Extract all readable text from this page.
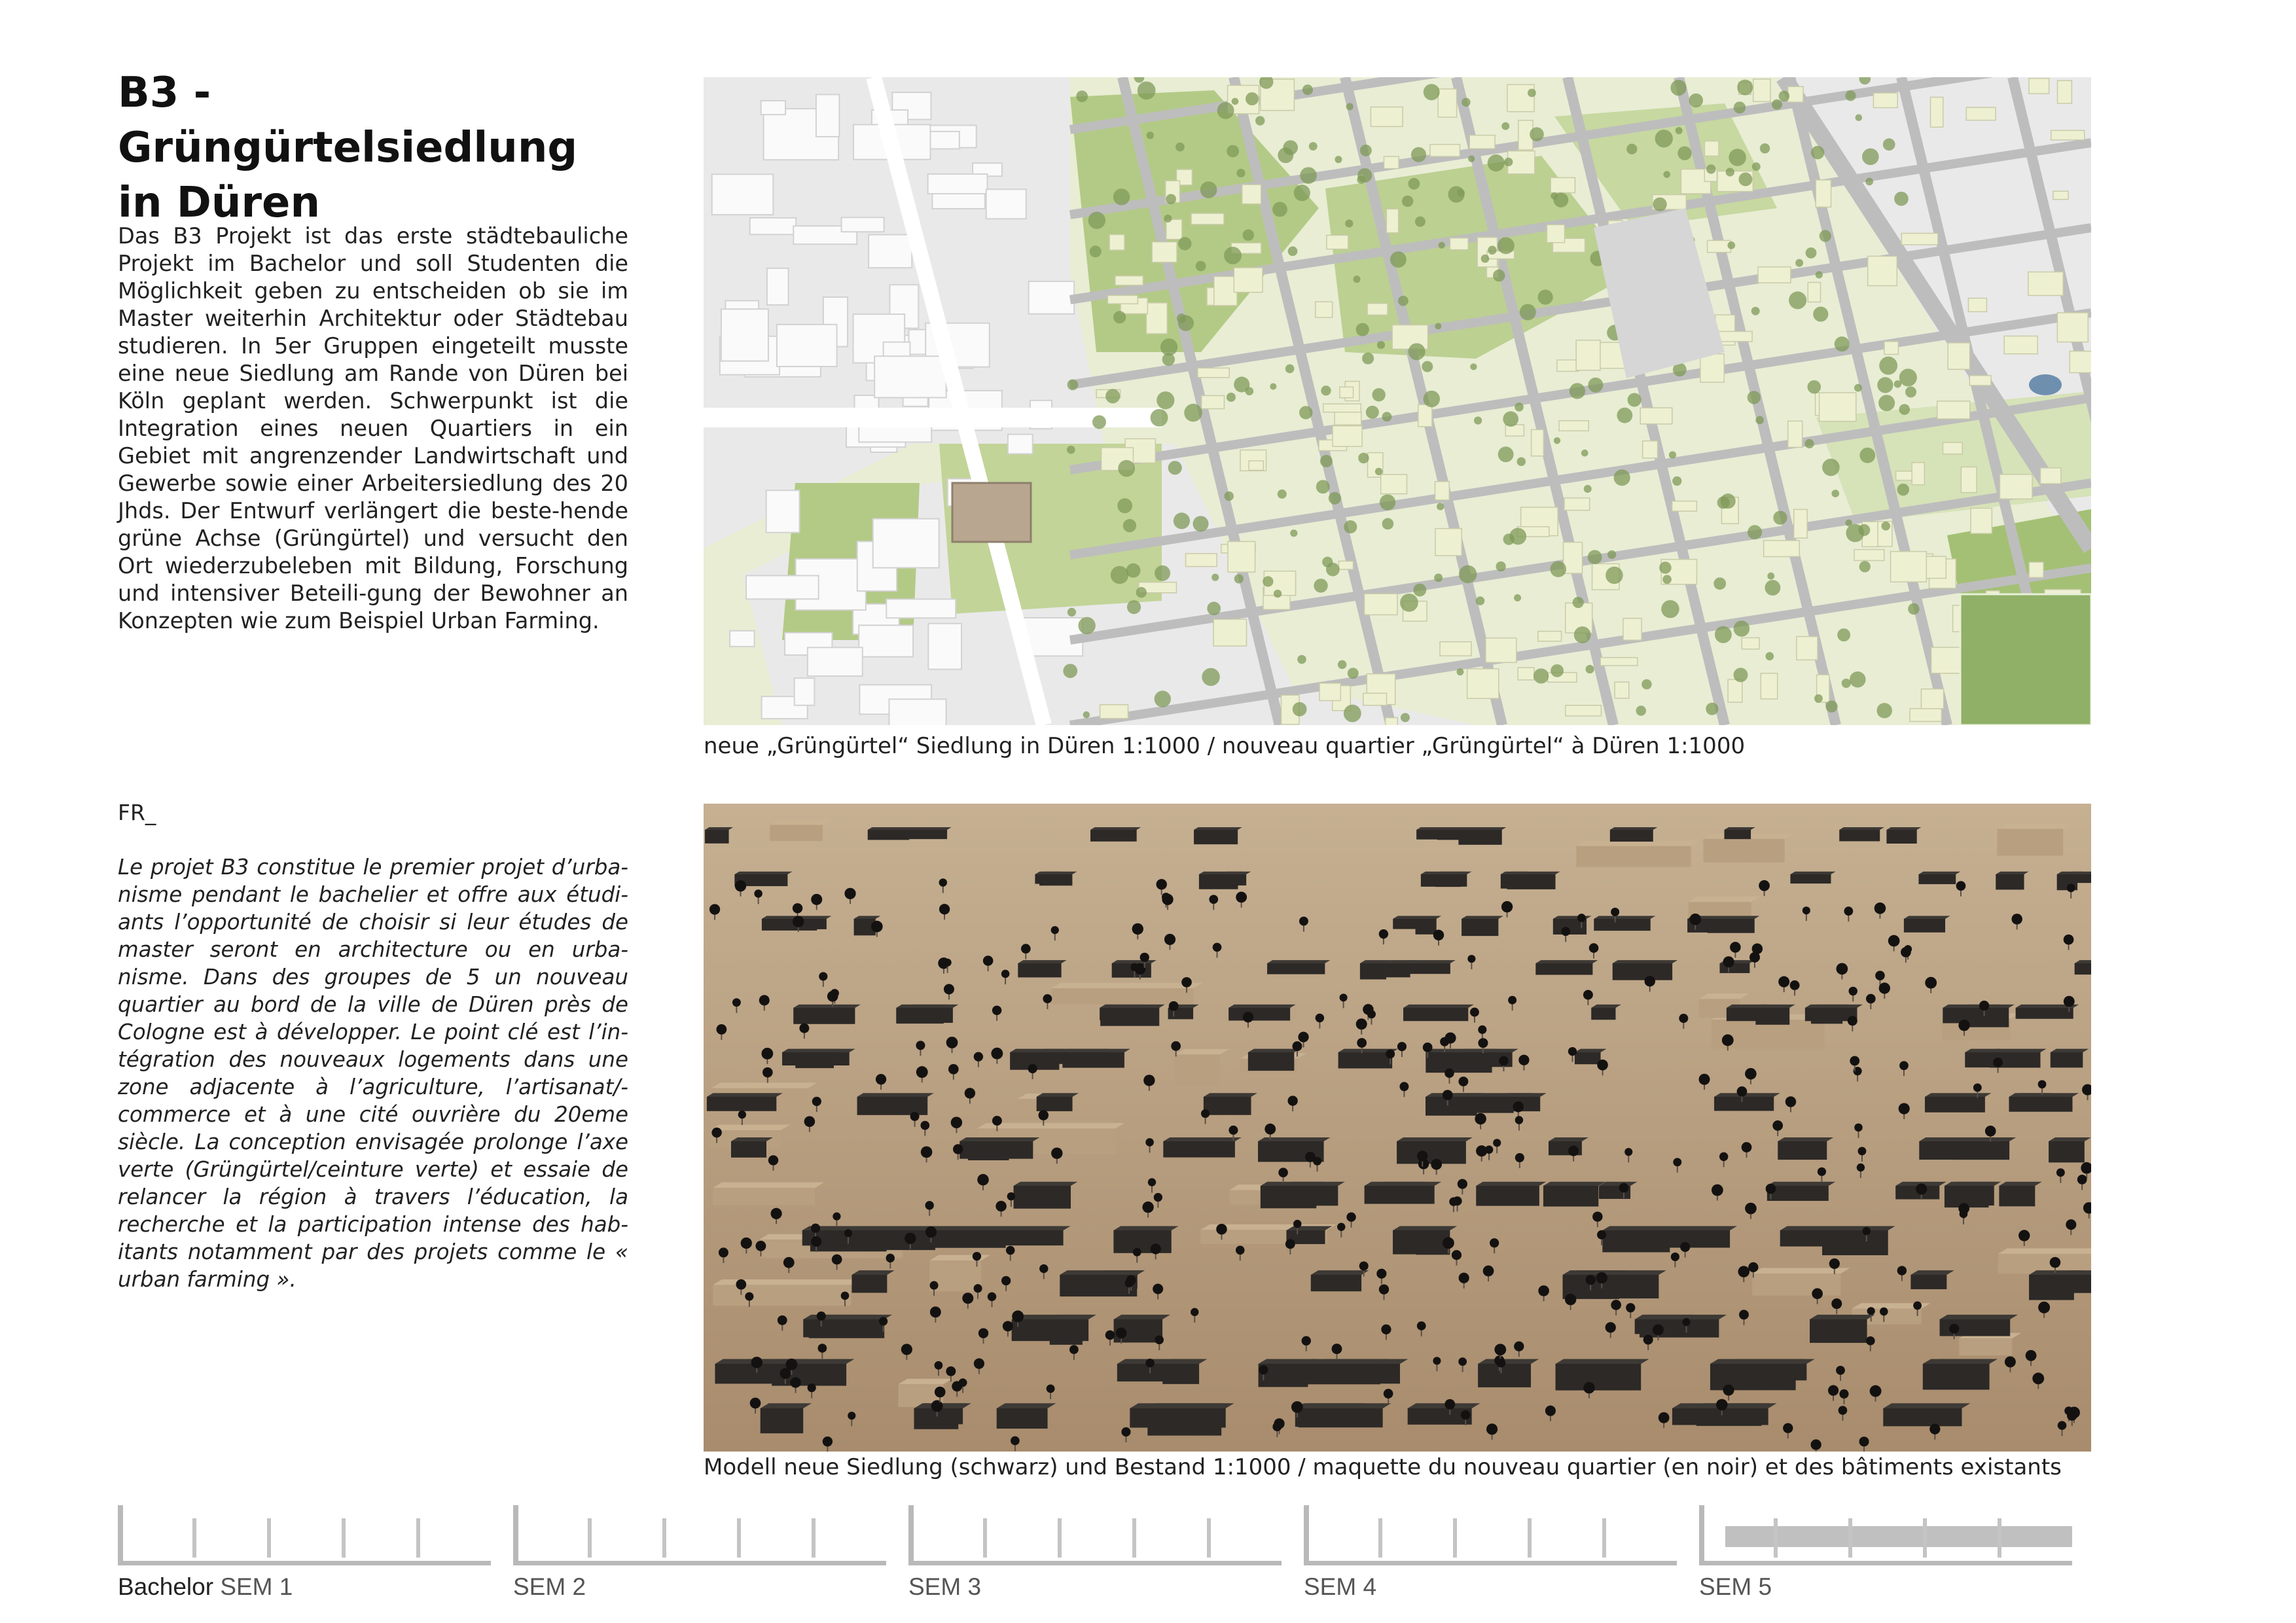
B3 - Grüngürtelsiedlung
in Düren

Das B3 Projekt ist das erste städtebauliche Projekt im Bachelor und soll Studenten die Möglichkeit geben zu entscheiden ob sie im Master weiterhin Architektur oder Städtebau studieren. In 5er Gruppen eingeteilt musste eine neue Siedlung am Rande von Düren bei Köln geplant werden. Schwerpunkt ist die Integration eines neuen Quartiers in ein Gebiet mit angrenzender Landwirtschaft und Gewerbe sowie einer Arbeitersiedlung des 20 Jhds. Der Entwurf verlängert die beste-hende grüne Achse (Grüngürtel) und versucht den Ort wiederzubeleben mit Bildung, Forschung und intensiver Beteili-gung der Bewohner an Konzepten wie zum Beispiel Urban Farming.

FR_

Le projet B3 constitue le premier projet d’urba-nisme pendant le bachelier et offre aux étudi-ants l’opportunité de choisir si leur études de master seront en architecture ou en urba-nisme. Dans des groupes de 5 un nouveau quartier au bord de la ville de Düren près de Cologne est à développer. Le point clé est l’in-tégration des nouveaux logements dans une zone adjacente à l’agriculture, l’artisanat/-commerce et à une cité ouvrière du 20eme siècle. La conception envisagée prolonge l’axe verte (Grüngürtel/ceinture verte) et essaie de relancer la région à travers l’éducation, la recherche et la participation intense des hab-itants notamment par des projets comme le « urban farming ».

neue „Grüngürtel“ Siedlung in Düren 1:1000 / nouveau quartier „Grüngürtel“ à Düren 1:1000

Modell neue Siedlung (schwarz) und Bestand 1:1000 / maquette du nouveau quartier (en noir) et des bâtiments existants

Bachelor SEM 1	SEM 2	SEM 3	SEM 4	SEM 5
